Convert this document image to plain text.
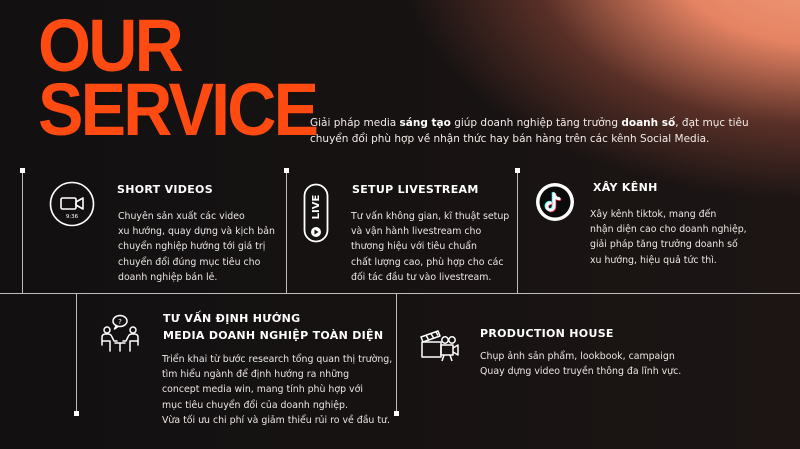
OUR
SERVICE
Giải pháp media sáng tạo giúp doanh nghiệp tăng trưởng doanh số, đạt mục tiêu chuyển đổi phù hợp về nhận thức hay bán hàng trên các kênh Social Media.
9:36
SHORT VIDEOS
Chuyên sản xuất các video
xu hướng, quay dựng và kịch bản
chuyển nghiệp hướng tới giá trị
chuyển đổi đúng mục tiêu cho
doanh nghiệp bán lẻ.
LIVE
SETUP LIVESTREAM
Tư vấn không gian, kĩ thuật setup
và vận hành livestream cho
thương hiệu với tiêu chuẩn
chất lượng cao, phù hợp cho các
đối tác đầu tư vào livestream.
XÂY KÊNH
Xây kênh tiktok, mang đến
nhận diện cao cho doanh nghiệp,
giải pháp tăng trưởng doanh số
xu hướng, hiệu quả tức thì.
?	TƯ VẤN ĐỊNH HƯỚNG
MEDIA DOANH NGHIỆP TOÀN DIỆN
Triển khai từ bước research tổng quan thị trường,
tìm hiểu ngành để định hướng ra những
concept media win, mang tính phù hợp với
mục tiêu chuyển đổi của doanh nghiệp.
Vừa tối ưu chi phí và giảm thiểu rủi ro về đầu tư.
PRODUCTION HOUSE
Chụp ảnh sản phẩm, lookbook, campaign
Quay dựng video truyền thông đa lĩnh vực.
